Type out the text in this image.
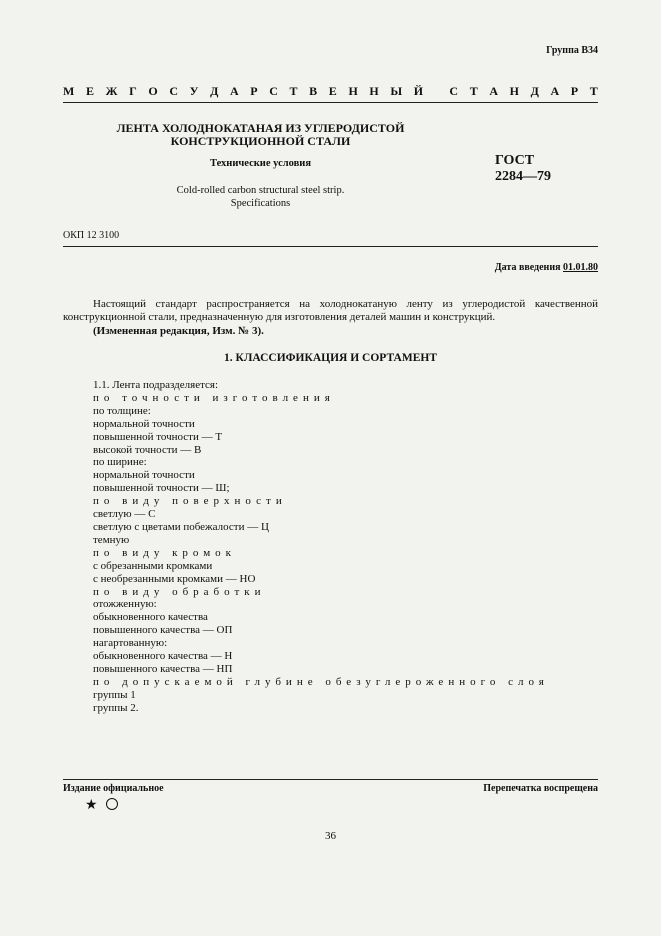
Группа В34
М Е Ж Г О С У Д А Р С Т В Е Н Н Ы Й
С Т А Н Д А Р Т
ЛЕНТА ХОЛОДНОКАТАНАЯ ИЗ УГЛЕРОДИСТОЙ
КОНСТРУКЦИОННОЙ СТАЛИ
Технические условия
Cold-rolled carbon structural steel strip.
Specifications
ГОСТ
2284—79
ОКП 12 3100
Дата введения 01.01.80
Настоящий стандарт распространяется на холоднокатаную ленту из углеродистой качественной конструкционной стали, предназначенную для изготовления деталей машин и конструкций.
(Измененная редакция, Изм. № 3).
1. КЛАССИФИКАЦИЯ И СОРТАМЕНТ
1.1. Лента подразделяется:
по точности изготовления
по толщине:
нормальной точности
повышенной точности — Т
высокой точности — В
по ширине:
нормальной точности
повышенной точности — Ш;
по виду поверхности
светлую — С
светлую с цветами побежалости — Ц
темную
по виду кромок
с обрезанными кромками
с необрезанными кромками — НО
по виду обработки
отожженную:
обыкновенного качества
повышенного качества — ОП
нагартованную:
обыкновенного качества — Н
повышенного качества — НП
по допускаемой глубине обезуглероженного слоя
группы 1
группы 2.
Издание официальное	Перепечатка воспрещена
★
36
